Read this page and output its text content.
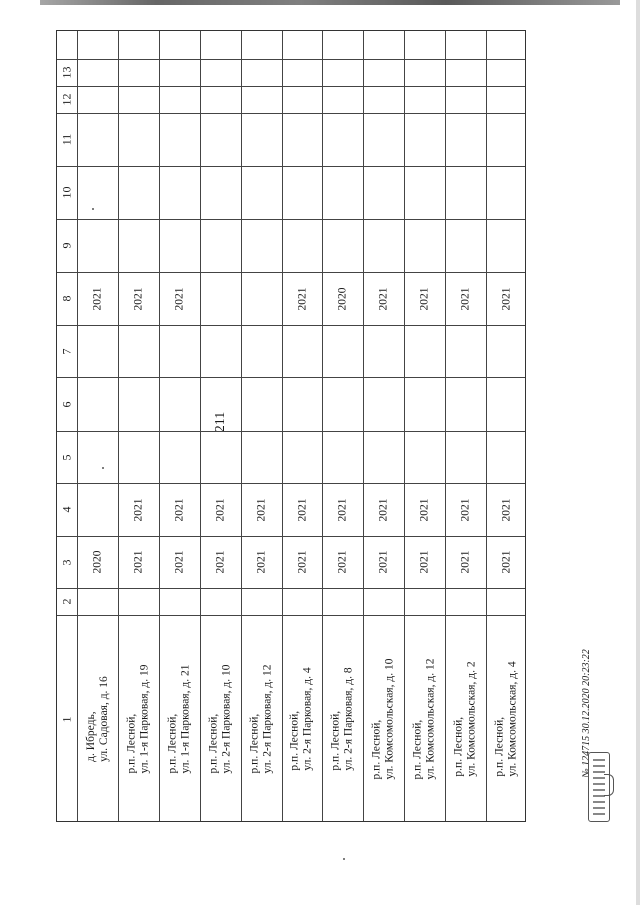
211
1
2
3
4
5
6
7
8
9
10
11
12
13
д. Ибредь, ул. Садовая, д. 16
2020
2021
р.п. Лесной, ул. 1-я Парковая, д. 19
2021
2021
2021
р.п. Лесной, ул. 1-я Парковая, д. 21
2021
2021
2021
р.п. Лесной, ул. 2-я Парковая, д. 10
2021
2021
р.п. Лесной, ул. 2-я Парковая, д. 12
2021
2021
р.п. Лесной, ул. 2-я Парковая, д. 4
2021
2021
2021
р.п. Лесной, ул. 2-я Парковая, д. 8
2021
2021
2020
р.п. Лесной, ул. Комсомольская, д. 10
2021
2021
2021
р.п. Лесной, ул. Комсомольская, д. 12
2021
2021
2021
р.п. Лесной, ул. Комсомольская, д. 2
2021
2021
2021
р.п. Лесной, ул. Комсомольская, д. 4
2021
2021
2021
№ 124715 30.12.2020 20:23:22
